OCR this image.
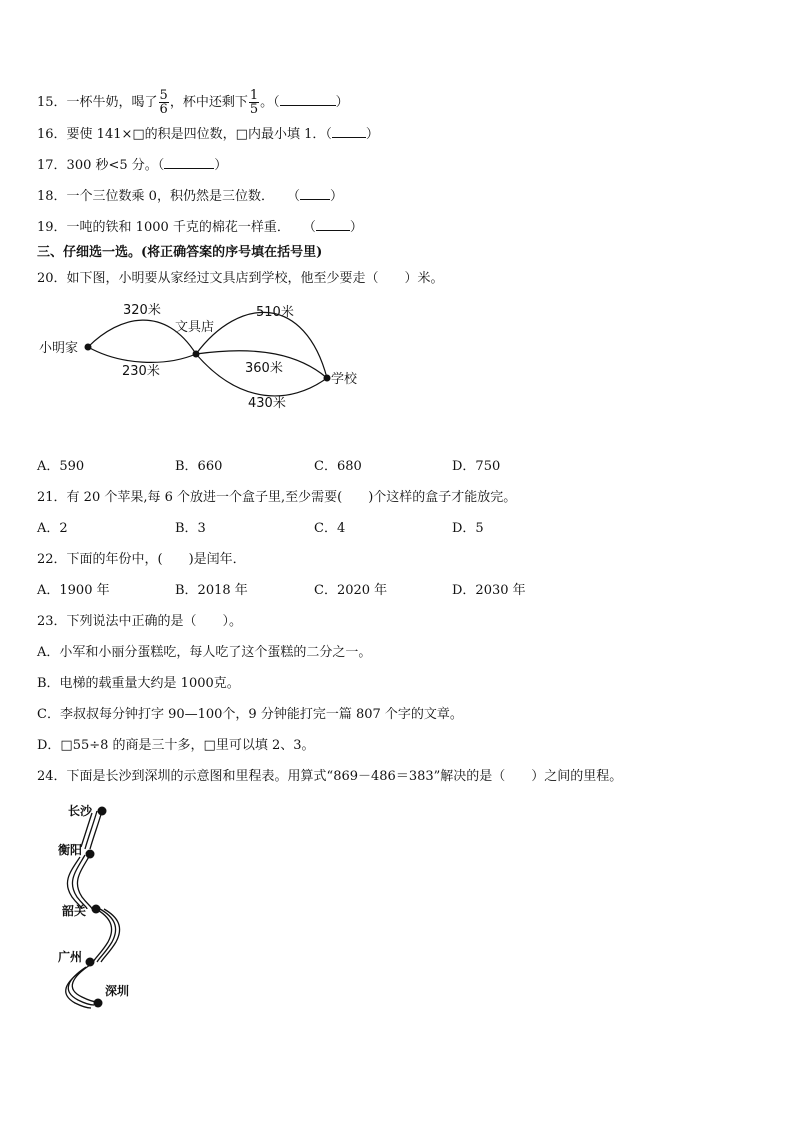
15．一杯牛奶，喝了 $\frac{5}{6}$ ，杯中还剩下 $\frac{1}{5}$ 。（	）
16．要使 141×□的积是四位数，□内最小填 1．（	）
17．300 秒<5 分。（	）
18．一个三位数乘 0，积仍然是三位数．　　（ ）
19．一吨的铁和 1000 千克的棉花一样重．　　（	）
三、仔细选一选。(将正确答案的序号填在括号里)
20．如下图，小明要从家经过文具店到学校，他至少要走（　　）米。
小明家
文具店
学校
320米
230米
510米
360米
430米
A．590	B．660	C．680	D．750
21．有 20 个苹果,每 6 个放进一个盒子里,至少需要(　　)个这样的盒子才能放完。
A．2	B．3	C．4	D．5
22．下面的年份中，(　　)是闰年．
A．1900 年	B．2018 年	C．2020 年	D．2030 年
23．下列说法中正确的是（　　）。
A．小军和小丽分蛋糕吃，每人吃了这个蛋糕的二分之一。
B．电梯的载重量大约是 1000克。
C．李叔叔每分钟打字 90—100个，9 分钟能打完一篇 807 个字的文章。
D．□55÷8 的商是三十多，□里可以填 2、3。
24．下面是长沙到深圳的示意图和里程表。用算式“869－486＝383”解决的是（　　）之间的里程。
长沙
衡阳
韶关
广州
深圳
